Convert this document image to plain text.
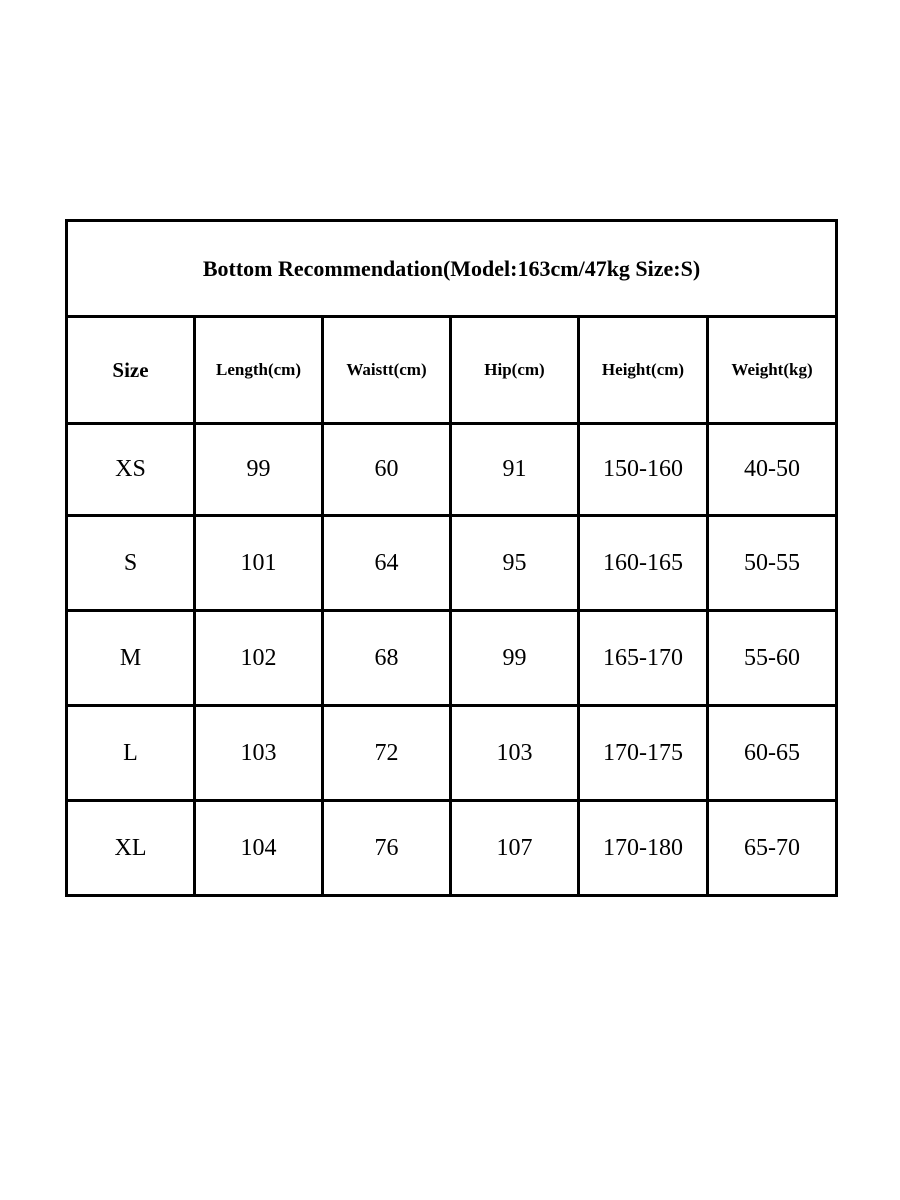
Bottom Recommendation(Model:163cm/47kg Size:S)					
Size	Length(cm)	Waistt(cm)	Hip(cm)	Height(cm)	Weight(kg)
XS	99	60	91	150-160	40-50
S	101	64	95	160-165	50-55
M	102	68	99	165-170	55-60
L	103	72	103	170-175	60-65
XL	104	76	107	170-180	65-70
